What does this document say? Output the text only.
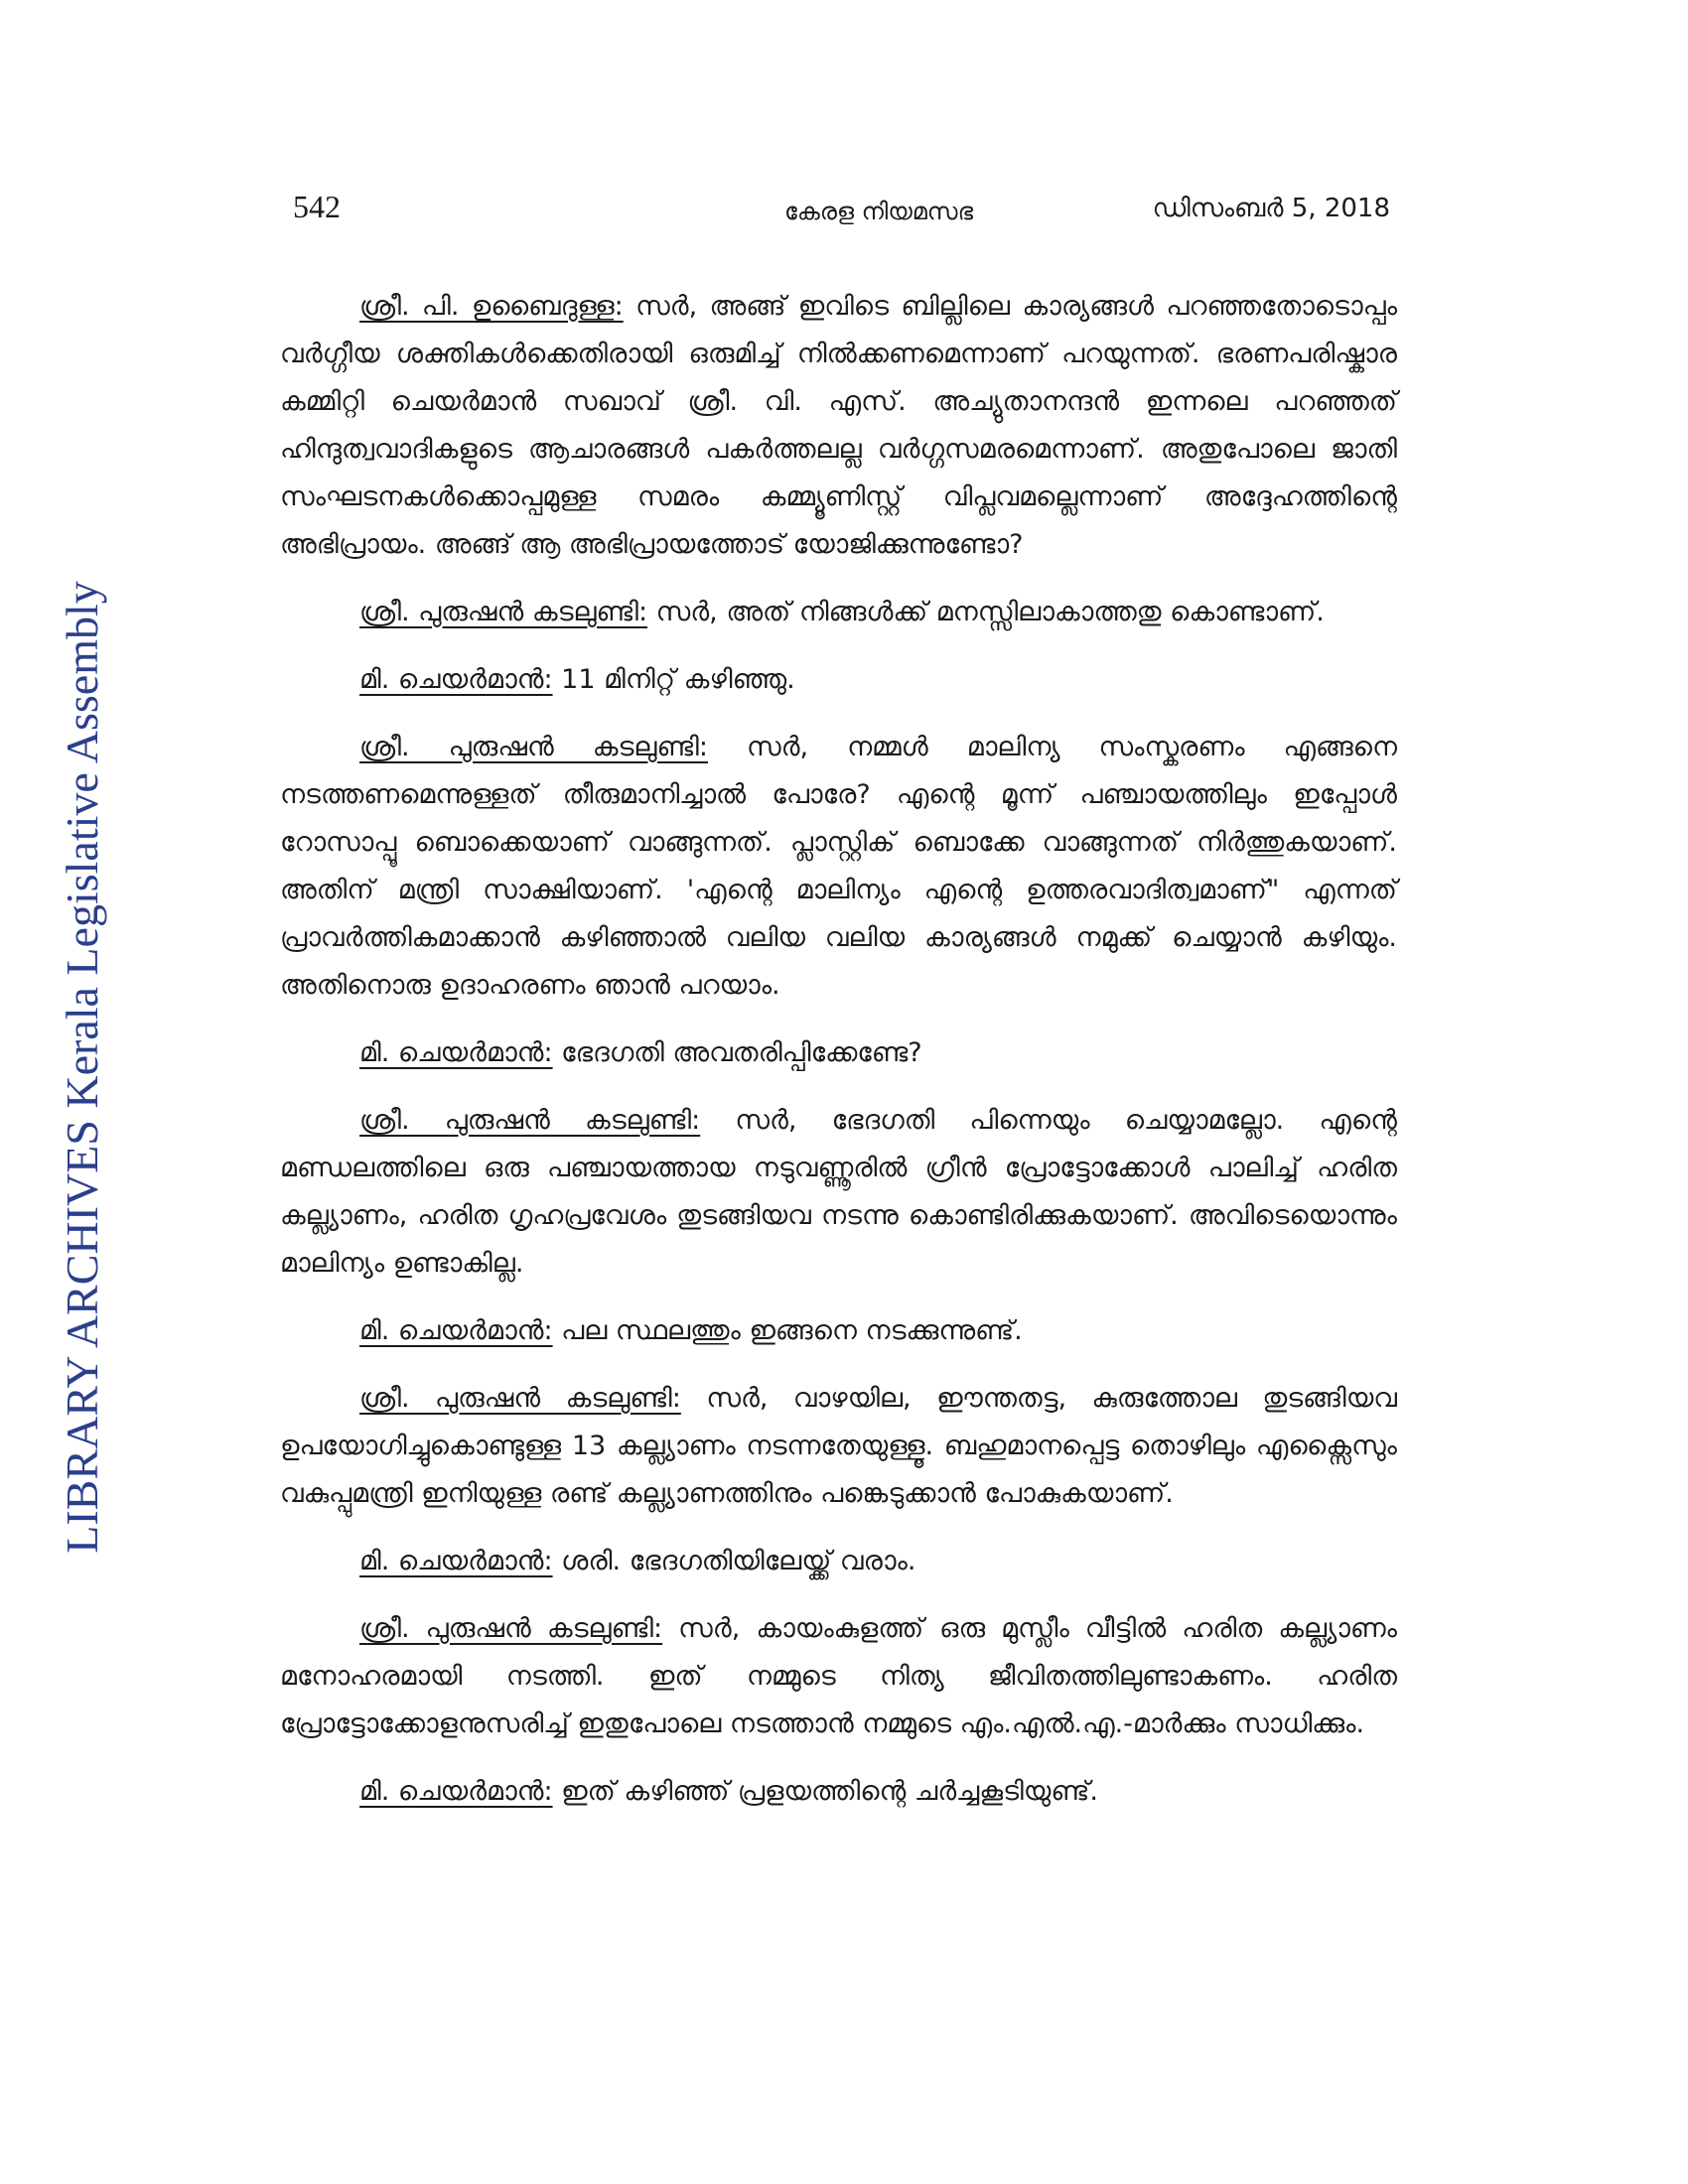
542	കേരള നിയമസഭ	ഡിസംബർ 5, 2018
LIBRARY ARCHIVES Kerala Legislative Assembly

ശ്രീ. പി. ഉബൈദുള്ള: സർ, അങ്ങ് ഇവിടെ ബില്ലിലെ കാര്യങ്ങൾ പറഞ്ഞതോടൊപ്പം വർഗ്ഗീയ ശക്തികൾക്കെതിരായി ഒരുമിച്ച് നിൽക്കണമെന്നാണ് പറയുന്നത്. ഭരണപരിഷ്കാര കമ്മിറ്റി ചെയർമാൻ സഖാവ് ശ്രീ. വി. എസ്. അച്യുതാനന്ദൻ ഇന്നലെ പറഞ്ഞത് ഹിന്ദുത്വവാദികളുടെ ആചാരങ്ങൾ പകർത്തലല്ല വർഗ്ഗസമരമെന്നാണ്. അതുപോലെ ജാതി സംഘടനകൾക്കൊപ്പമുള്ള സമരം കമ്മ്യൂണിസ്റ്റ് വിപ്ലവമല്ലെന്നാണ് അദ്ദേഹത്തിന്റെ അഭിപ്രായം. അങ്ങ് ആ അഭിപ്രായത്തോട് യോജിക്കുന്നുണ്ടോ?

ശ്രീ. പുരുഷൻ കടലുണ്ടി: സർ, അത് നിങ്ങൾക്ക് മനസ്സിലാകാത്തതു കൊണ്ടാണ്.

മി. ചെയർമാൻ: 11 മിനിറ്റ് കഴിഞ്ഞു.

ശ്രീ. പുരുഷൻ കടലുണ്ടി: സർ, നമ്മൾ മാലിന്യ സംസ്കരണം എങ്ങനെ നടത്തണമെന്നുള്ളത് തീരുമാനിച്ചാൽ പോരേ? എന്റെ മൂന്ന് പഞ്ചായത്തിലും ഇപ്പോൾ റോസാപ്പൂ ബൊക്കെയാണ് വാങ്ങുന്നത്. പ്ലാസ്റ്റിക് ബൊക്കേ വാങ്ങുന്നത് നിർത്തുകയാണ്. അതിന് മന്ത്രി സാക്ഷിയാണ്. 'എന്റെ മാലിന്യം എന്റെ ഉത്തരവാദിത്വമാണ്" എന്നത് പ്രാവർത്തികമാക്കാൻ കഴിഞ്ഞാൽ വലിയ വലിയ കാര്യങ്ങൾ നമുക്ക് ചെയ്യാൻ കഴിയും. അതിനൊരു ഉദാഹരണം ഞാൻ പറയാം.

മി. ചെയർമാൻ: ഭേദഗതി അവതരിപ്പിക്കേണ്ടേ?

ശ്രീ. പുരുഷൻ കടലുണ്ടി: സർ, ഭേദഗതി പിന്നെയും ചെയ്യാമല്ലോ. എന്റെ മണ്ഡലത്തിലെ ഒരു പഞ്ചായത്തായ നടുവണ്ണൂരിൽ ഗ്രീൻ പ്രോട്ടോക്കോൾ പാലിച്ച് ഹരിത കല്ല്യാണം, ഹരിത ഗൃഹപ്രവേശം തുടങ്ങിയവ നടന്നു കൊണ്ടിരിക്കുകയാണ്. അവിടെയൊന്നും മാലിന്യം ഉണ്ടാകില്ല.

മി. ചെയർമാൻ: പല സ്ഥലത്തും ഇങ്ങനെ നടക്കുന്നുണ്ട്.

ശ്രീ. പുരുഷൻ കടലുണ്ടി: സർ, വാഴയില, ഈന്തതട്ട, കുരുത്തോല തുടങ്ങിയവ ഉപയോഗിച്ചുകൊണ്ടുള്ള 13 കല്ല്യാണം നടന്നതേയുള്ളൂ. ബഹുമാനപ്പെട്ട തൊഴിലും എക്സൈസും വകുപ്പുമന്ത്രി ഇനിയുള്ള രണ്ട് കല്ല്യാണത്തിനും പങ്കെടുക്കാൻ പോകുകയാണ്.

മി. ചെയർമാൻ: ശരി. ഭേദഗതിയിലേയ്ക്ക് വരാം.

ശ്രീ. പുരുഷൻ കടലുണ്ടി: സർ, കായംകുളത്ത് ഒരു മുസ്ലീം വീട്ടിൽ ഹരിത കല്ല്യാണം മനോഹരമായി നടത്തി. ഇത് നമ്മുടെ നിത്യ ജീവിതത്തിലുണ്ടാകണം. ഹരിത പ്രോട്ടോക്കോളനുസരിച്ച് ഇതുപോലെ നടത്താൻ നമ്മുടെ എം.എൽ.എ.-മാർക്കും സാധിക്കും.

മി. ചെയർമാൻ: ഇത് കഴിഞ്ഞ് പ്രളയത്തിന്റെ ചർച്ചകൂടിയുണ്ട്.
